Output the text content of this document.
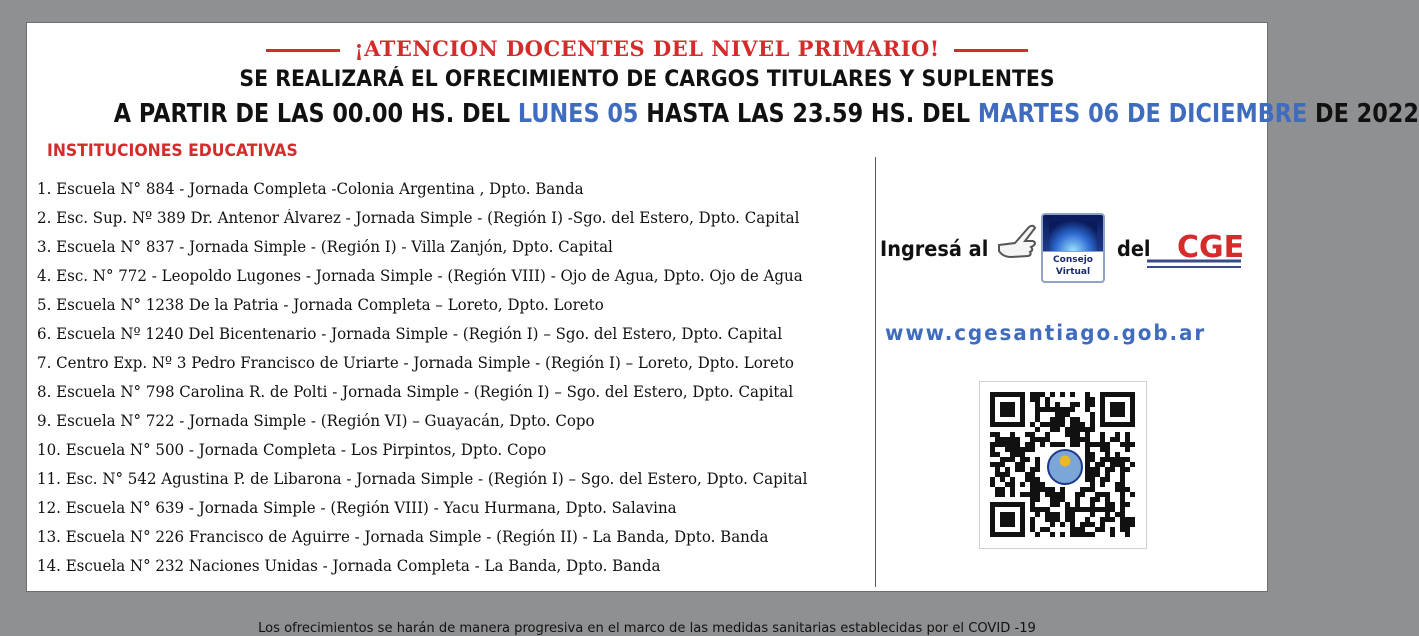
¡ATENCION DOCENTES DEL NIVEL PRIMARIO!
SE REALIZARÁ EL OFRECIMIENTO DE CARGOS TITULARES Y SUPLENTES
A PARTIR DE LAS 00.00 HS. DEL LUNES 05 HASTA LAS 23.59 HS. DEL MARTES 06 DE DICIEMBRE DE 2022
INSTITUCIONES EDUCATIVAS
1. Escuela N° 884 - Jornada Completa -Colonia Argentina , Dpto. Banda
2. Esc. Sup. Nº 389 Dr. Antenor Álvarez - Jornada Simple - (Región I) -Sgo. del Estero, Dpto. Capital
3. Escuela N° 837 - Jornada Simple - (Región I) - Villa Zanjón, Dpto. Capital
4. Esc. N° 772 - Leopoldo Lugones - Jornada Simple - (Región VIII) - Ojo de Agua, Dpto. Ojo de Agua
5. Escuela N° 1238 De la Patria - Jornada Completa – Loreto, Dpto. Loreto
6. Escuela Nº 1240 Del Bicentenario - Jornada Simple - (Región I) – Sgo. del Estero, Dpto. Capital
7. Centro Exp. Nº 3 Pedro Francisco de Uriarte - Jornada Simple - (Región I) – Loreto, Dpto. Loreto
8. Escuela N° 798 Carolina R. de Polti - Jornada Simple - (Región I) – Sgo. del Estero, Dpto. Capital
9. Escuela N° 722 - Jornada Simple - (Región VI) – Guayacán, Dpto. Copo
10. Escuela N° 500 - Jornada Completa - Los Pirpintos, Dpto. Copo
11. Esc. N° 542 Agustina P. de Libarona - Jornada Simple - (Región I) – Sgo. del Estero, Dpto. Capital
12. Escuela N° 639 - Jornada Simple - (Región VIII) - Yacu Hurmana, Dpto. Salavina
13. Escuela N° 226 Francisco de Aguirre - Jornada Simple - (Región II) - La Banda, Dpto. Banda
14. Escuela N° 232 Naciones Unidas - Jornada Completa - La Banda, Dpto. Banda
Ingresá al	Consejo
Virtual
del CGE
www.cgesantiago.gob.ar
Los ofrecimientos se harán de manera progresiva en el marco de las medidas sanitarias establecidas por el COVID -19
